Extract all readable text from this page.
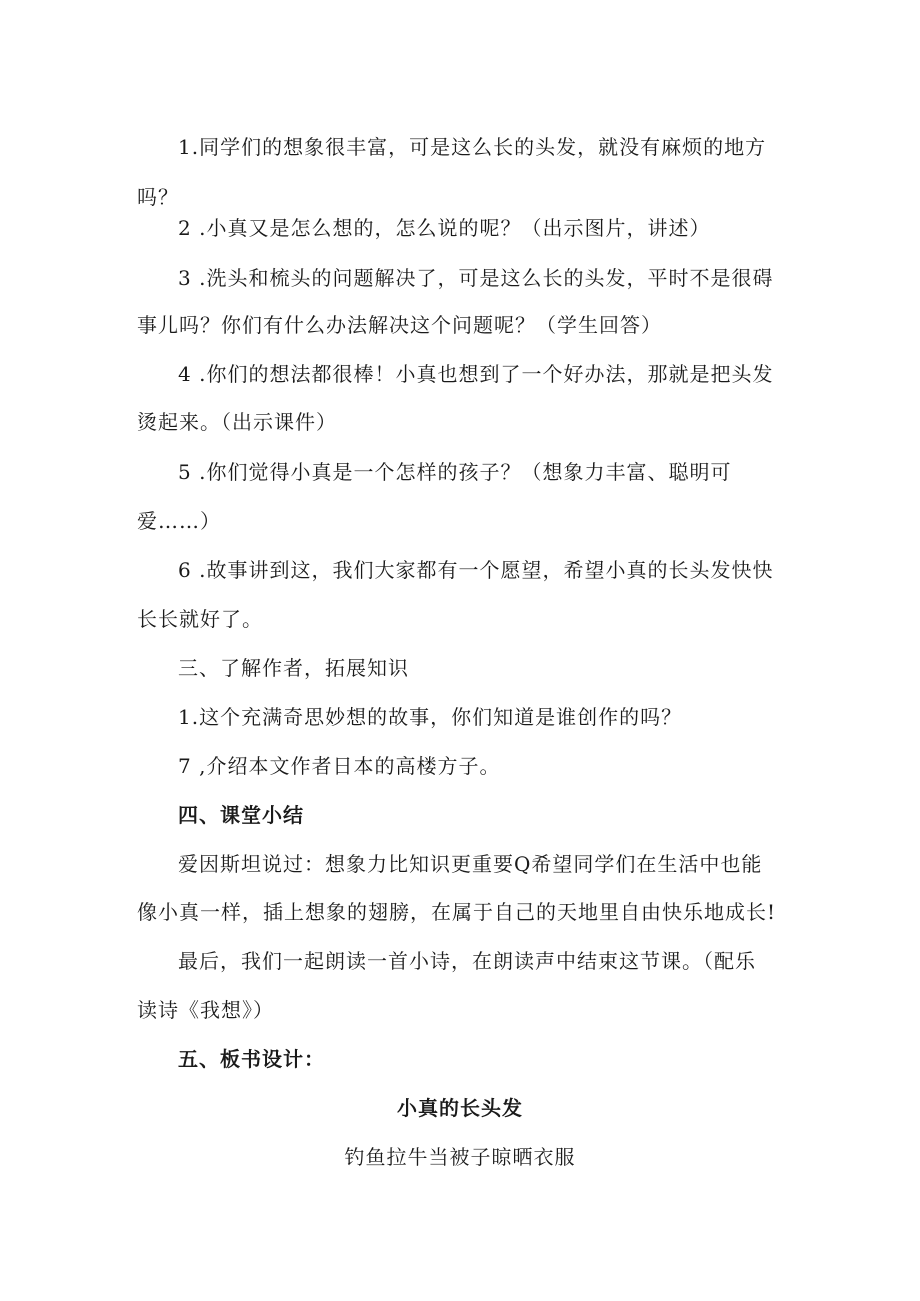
1.同学们的想象很丰富，可是这么长的头发，就没有麻烦的地方
吗？
2 .小真又是怎么想的，怎么说的呢？（出示图片，讲述）
3 .洗头和梳头的问题解决了，可是这么长的头发，平时不是很碍
事儿吗？你们有什么办法解决这个问题呢？（学生回答）
4 .你们的想法都很棒！小真也想到了一个好办法，那就是把头发
烫起来。（出示课件）
5 .你们觉得小真是一个怎样的孩子？（想象力丰富、聪明可
爱……）
6 .故事讲到这，我们大家都有一个愿望，希望小真的长头发快快
长长就好了。
三、了解作者，拓展知识
1.这个充满奇思妙想的故事，你们知道是谁创作的吗？
7 ,介绍本文作者日本的高楼方子。
四、课堂小结
爱因斯坦说过：想象力比知识更重要Q希望同学们在生活中也能
像小真一样，插上想象的翅膀，在属于自己的天地里自由快乐地成长!
最后，我们一起朗读一首小诗，在朗读声中结束这节课。（配乐
读诗《我想》）
五、板书设计：
小真的长头发
钓鱼拉牛当被子晾晒衣服
